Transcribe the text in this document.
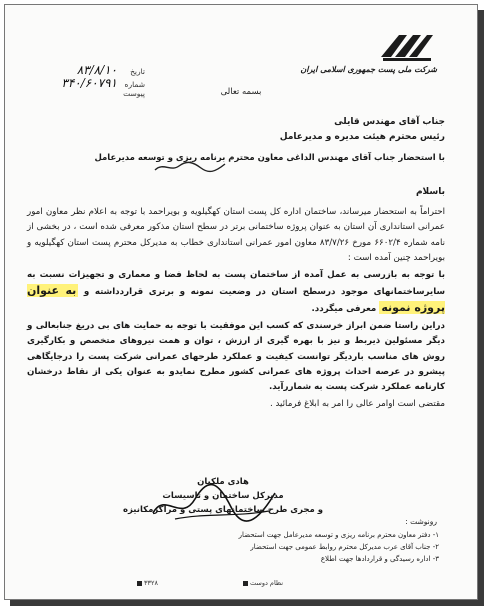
شرکت ملی پست جمهوری اسلامی ایران
تاریخ
۸۳/۸/۱۰
شماره
۳۴۰/۶۰۷۹۱
پیوست	بسمه تعالی
جناب آقای مهندس قایلی
رئیس محترم هیئت مدیره و مدیرعامل
با استحضار جناب آقای مهندس الداغی معاون محترم برنامه ریزی و توسعه مدیرعامل
باسلام

احتراماً به استحضار میرساند، ساختمان اداره کل پست استان کهگیلویه و بویراحمد با توجه به اعلام نظر معاون امور عمرانی استانداری آن استان به عنوان پروژه ساختمانی برتر در سطح استان مذکور معرفی شده است ، در بخشی از نامه شماره ۶۶۰۲/۴ مورخ ۸۳/۷/۲۶ معاون امور عمرانی استانداری خطاب به مدیرکل محترم پست استان کهگیلویه و بویراحمد چنین آمده است :

با توجه به بازرسی به عمل آمده از ساختمان پست به لحاظ فضا و معماری و تجهیزات نسبت به سایرساختمانهای موجود درسطح استان در وضعیت نمونه و برتری قراردداشته و به عنوان پروژه نمونه معرفی میگردد.

دراین راستا ضمن ابراز خرسندی که کسب این موفقیت با توجه به حمایت های بی دریغ جنابعالی و دیگر مسئولین ذیربط و نیز با بهره گیری از ارزش ، توان و همت نیروهای متخصص و بکارگیری روش های مناسب باردیگر توانست کیفیت و عملکرد طرحهای عمرانی شرکت پست را درجایگاهی پیشرو در عرصه احداث پروژه های عمرانی کشور مطرح نمایدو به عنوان یکی از نقاط درخشان کارنامه عملکرد شرکت پست به شماررآید.

مقتضی است اوامر عالی را امر به ابلاغ فرمائید .

هادی ملکیان
مدیرکل ساختمان و تاسیسات
و مجری طرح ساختمانهای پستی و مراکزمکانیزه
رونوشت :
۱- دفتر معاون محترم برنامه ریزی و توسعه مدیرعامل جهت استحضار
۲- جناب آقای عرب مدیرکل محترم روابط عمومی جهت استحضار
۳- اداره رسیدگی و قراردادها جهت اطلاع
۳۳۲۸	نظام دوست
